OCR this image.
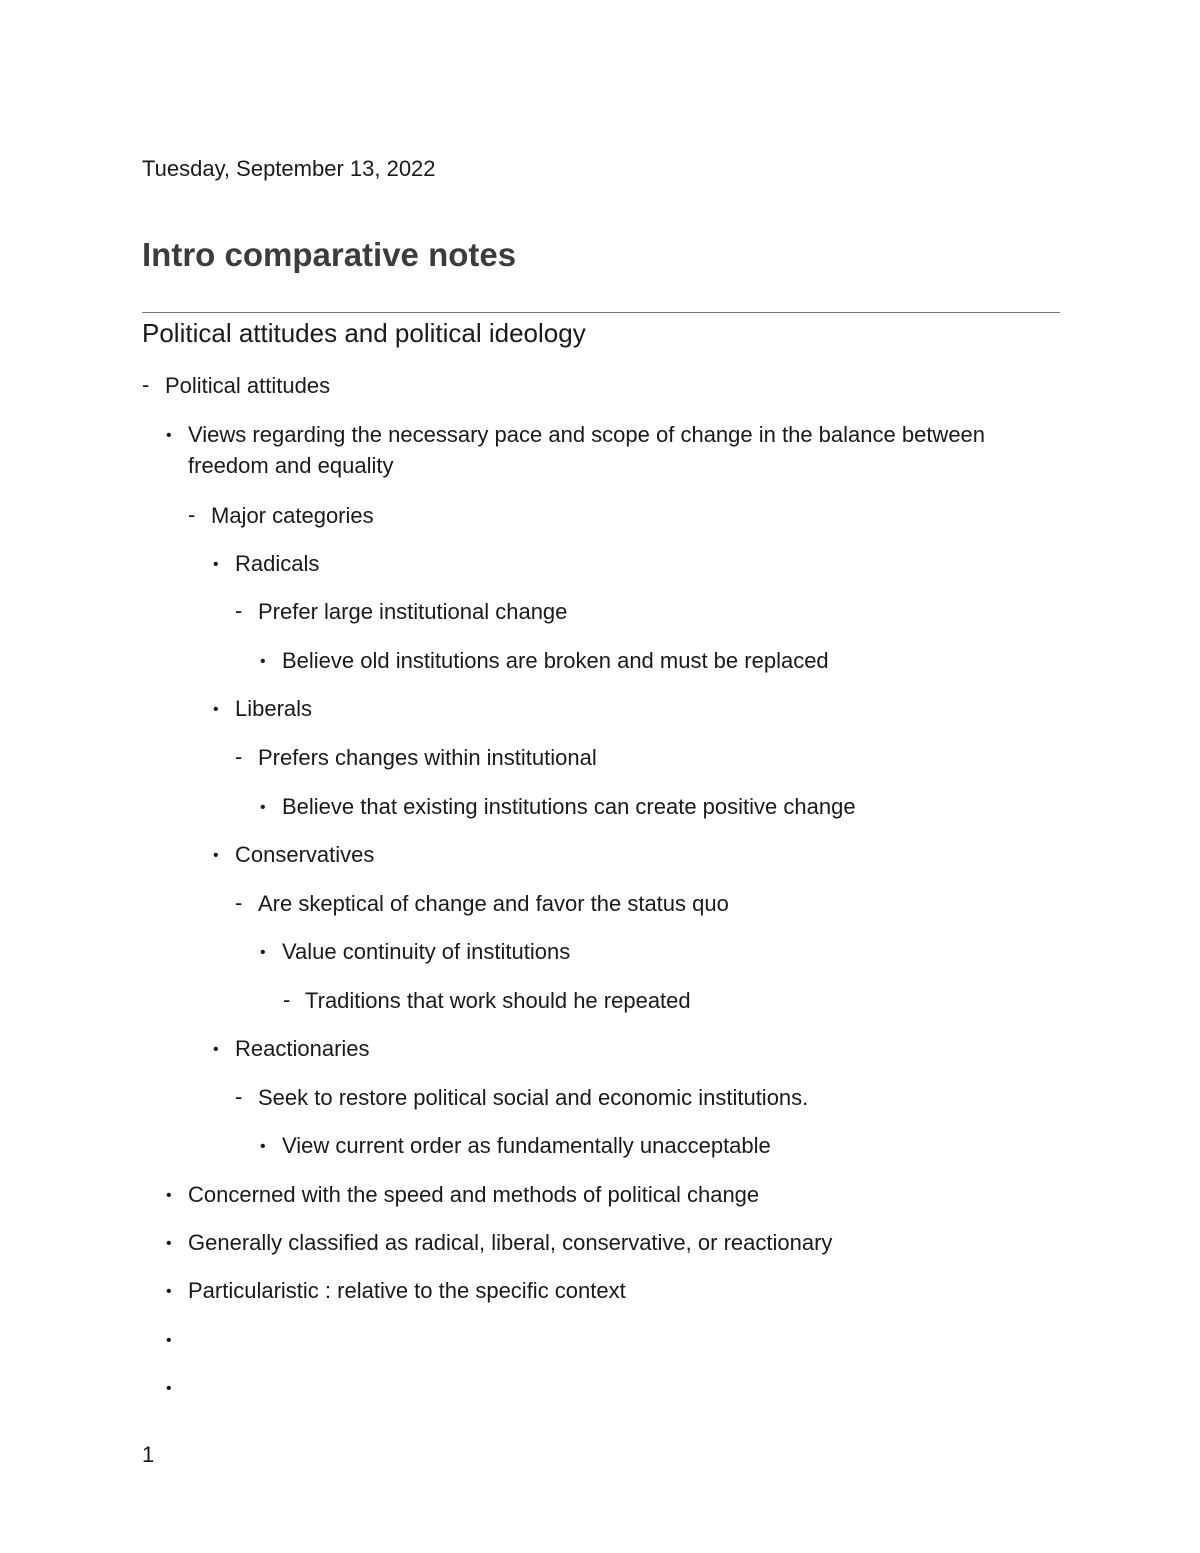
Tuesday, September 13, 2022
Intro comparative notes
Political attitudes and political ideology
- Political attitudes
• Views regarding the necessary pace and scope of change in the balance between freedom and equality
- Major categories
• Radicals
- Prefer large institutional change
• Believe old institutions are broken and must be replaced
• Liberals
- Prefers changes within institutional
• Believe that existing institutions can create positive change
• Conservatives
- Are skeptical of change and favor the status quo
• Value continuity of institutions
- Traditions that work should he repeated
• Reactionaries
- Seek to restore political social and economic institutions.
• View current order as fundamentally unacceptable
• Concerned with the speed and methods of political change
• Generally classified as radical, liberal, conservative, or reactionary
• Particularistic : relative to the specific context
•
•
1
